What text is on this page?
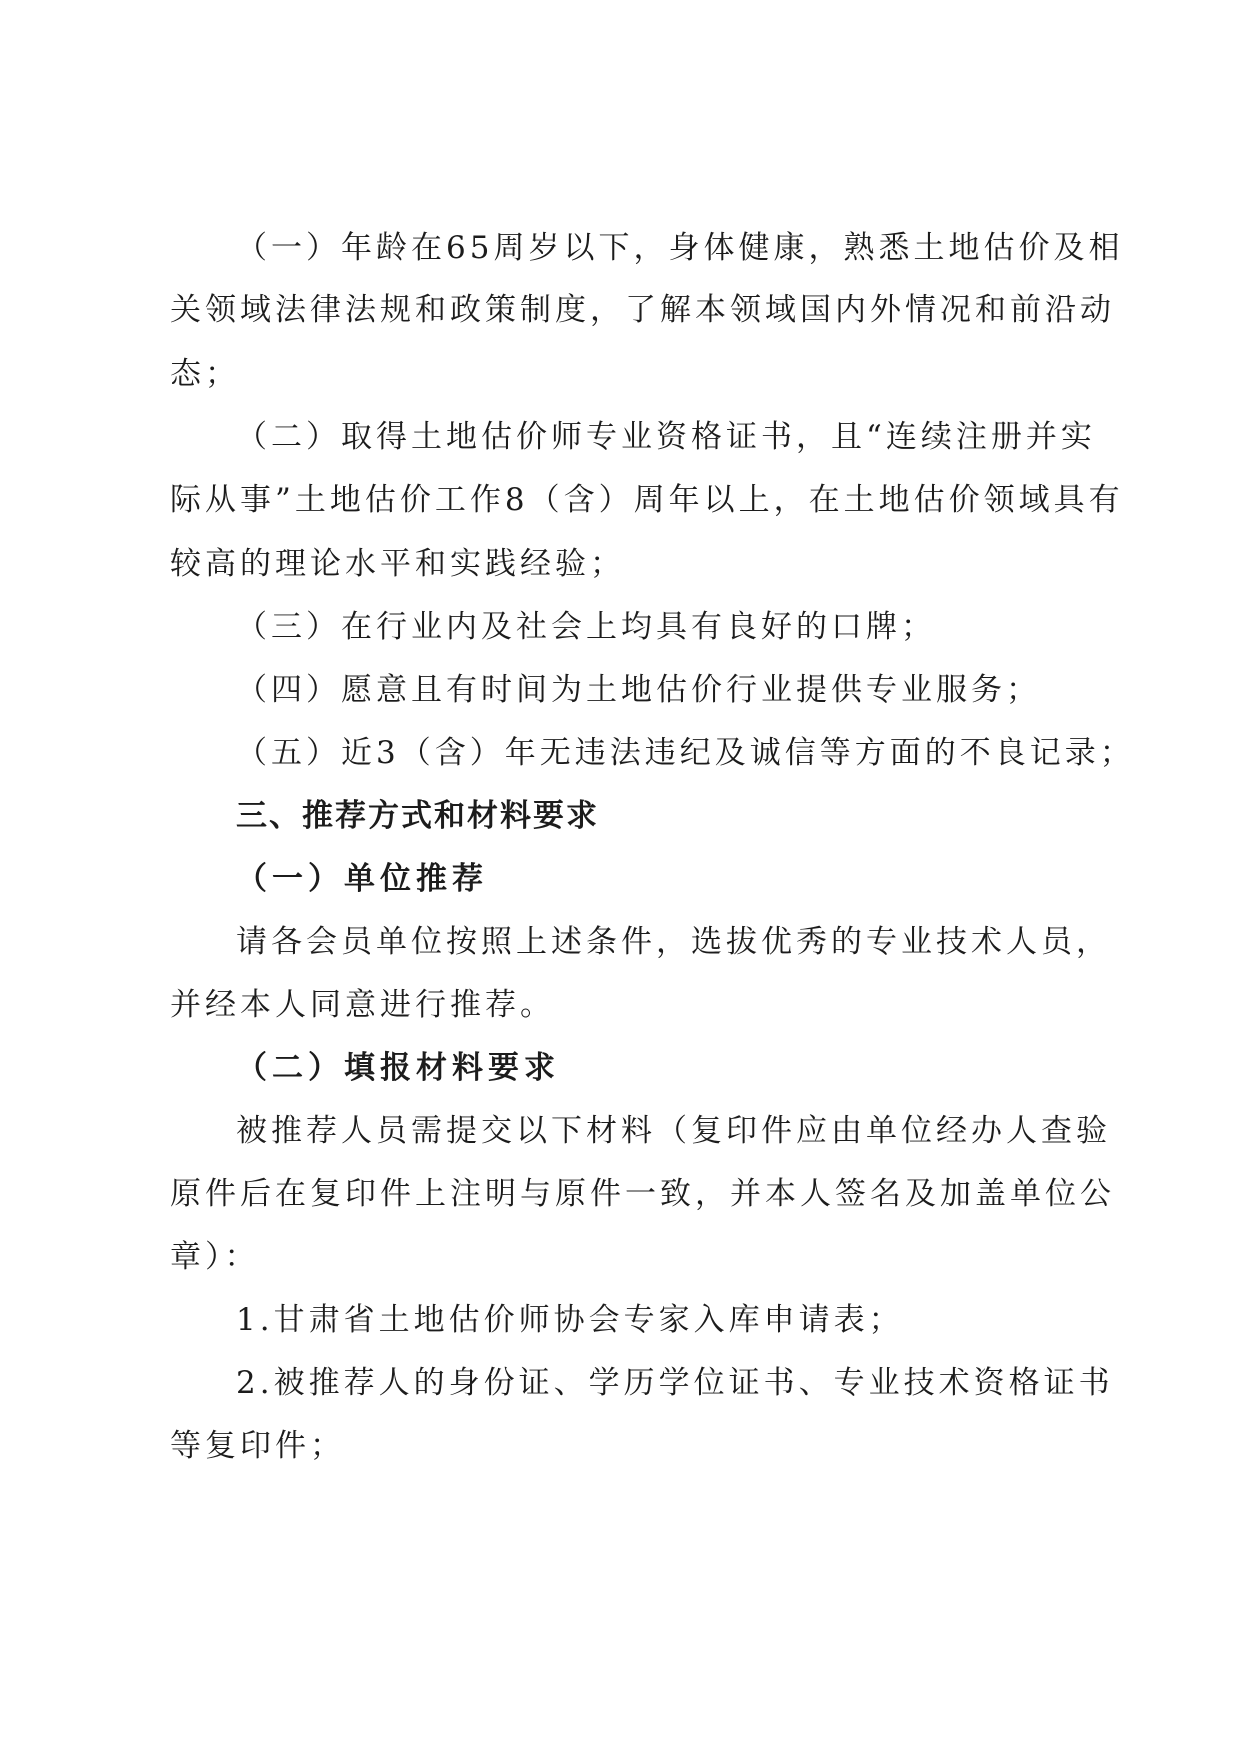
（一）年龄在65周岁以下，身体健康，熟悉土地估价及相
关领域法律法规和政策制度，了解本领域国内外情况和前沿动
态；
（二）取得土地估价师专业资格证书，且“连续注册并实
际从事”土地估价工作8（含）周年以上，在土地估价领域具有
较高的理论水平和实践经验；
（三）在行业内及社会上均具有良好的口牌；
（四）愿意且有时间为土地估价行业提供专业服务；
（五）近3（含）年无违法违纪及诚信等方面的不良记录；
三、推荐方式和材料要求
（一）单位推荐
请各会员单位按照上述条件，选拔优秀的专业技术人员，
并经本人同意进行推荐。
（二）填报材料要求
被推荐人员需提交以下材料（复印件应由单位经办人查验
原件后在复印件上注明与原件一致，并本人签名及加盖单位公
章）：
1.甘肃省土地估价师协会专家入库申请表；
2.被推荐人的身份证、学历学位证书、专业技术资格证书
等复印件；
